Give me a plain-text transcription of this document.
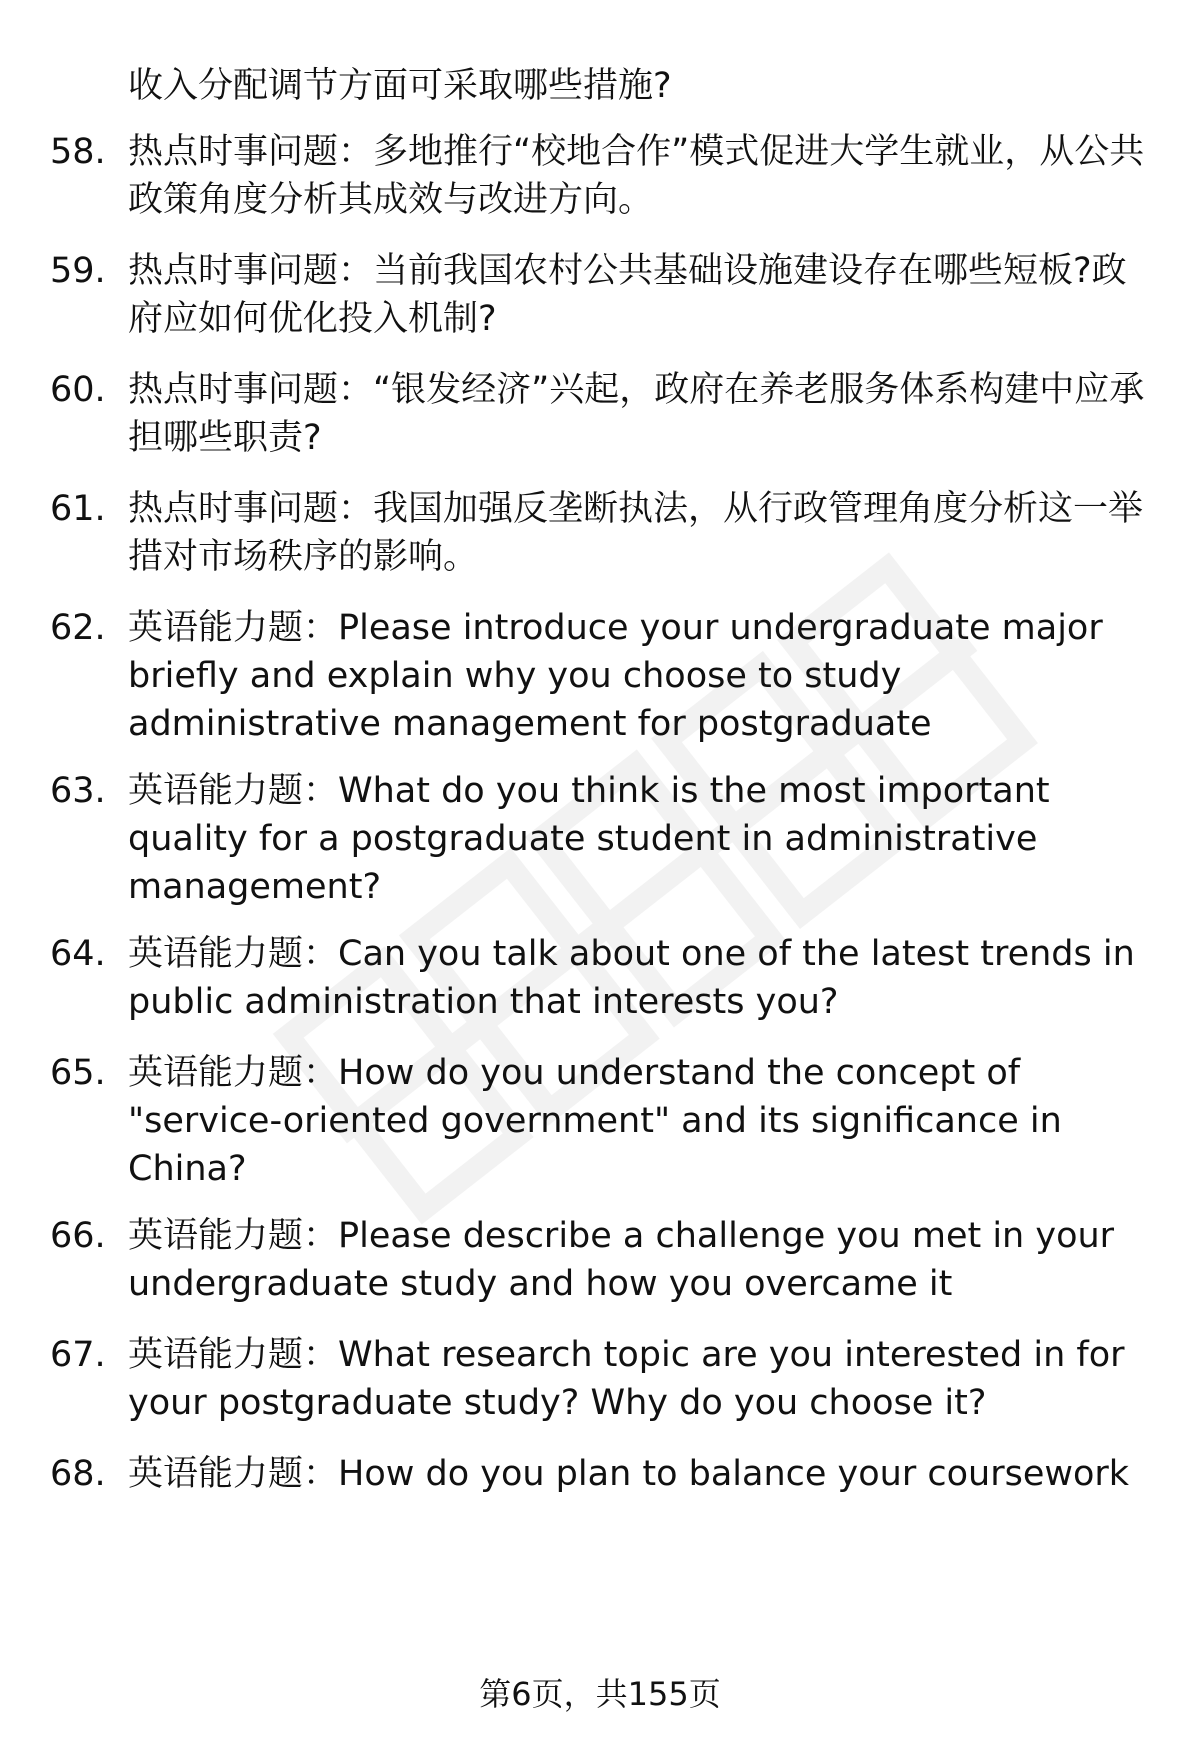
收入分配调节方面可采取哪些措施?
58. 热点时事问题：多地推行“校地合作”模式促进大学生就业，从公共政策角度分析其成效与改进方向。
59. 热点时事问题：当前我国农村公共基础设施建设存在哪些短板?政府应如何优化投入机制?
60. 热点时事问题：“银发经济”兴起，政府在养老服务体系构建中应承担哪些职责?
61. 热点时事问题：我国加强反垄断执法，从行政管理角度分析这一举措对市场秩序的影响。
62. 英语能力题：Please introduce your undergraduate major briefly and explain why you choose to study administrative management for postgraduate
63. 英语能力题：What do you think is the most important quality for a postgraduate student in administrative management?
64. 英语能力题：Can you talk about one of the latest trends in public administration that interests you?
65. 英语能力题：How do you understand the concept of "service-oriented government" and its significance in China?
66. 英语能力题：Please describe a challenge you met in your undergraduate study and how you overcame it
67. 英语能力题：What research topic are you interested in for your postgraduate study? Why do you choose it?
68. 英语能力题：How do you plan to balance your coursework
第6页，共155页
